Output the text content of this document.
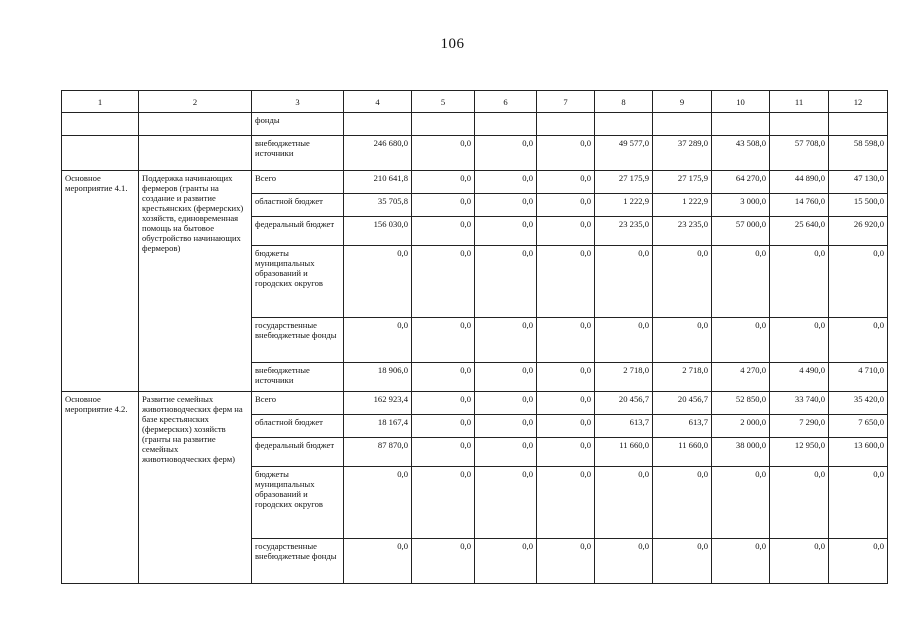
106
1	2	3	4	5	6	7	8	9	10	11	12
		фонды									
		внебюджетные источники	246 680,0	0,0	0,0	0,0	49 577,0	37 289,0	43 508,0	57 708,0	58 598,0
Основное мероприятие 4.1.	Поддержка начинающих фермеров (гранты на создание и развитие крестьянских (фермерских) хозяйств, единовременная помощь на бытовое обустройство начинающих фермеров)	Всего	210 641,8	0,0	0,0	0,0	27 175,9	27 175,9	64 270,0	44 890,0	47 130,0
		областной бюджет	35 705,8	0,0	0,0	0,0	1 222,9	1 222,9	3 000,0	14 760,0	15 500,0
		федеральный бюджет	156 030,0	0,0	0,0	0,0	23 235,0	23 235,0	57 000,0	25 640,0	26 920,0
		бюджеты муниципальных образований и городских округов	0,0	0,0	0,0	0,0	0,0	0,0	0,0	0,0	0,0
		государственные внебюджетные фонды	0,0	0,0	0,0	0,0	0,0	0,0	0,0	0,0	0,0
		внебюджетные источники	18 906,0	0,0	0,0	0,0	2 718,0	2 718,0	4 270,0	4 490,0	4 710,0
Основное мероприятие 4.2.	Развитие семейных животноводческих ферм на базе крестьянских (фермерских) хозяйств (гранты на развитие семейных животноводческих ферм)	Всего	162 923,4	0,0	0,0	0,0	20 456,7	20 456,7	52 850,0	33 740,0	35 420,0
		областной бюджет	18 167,4	0,0	0,0	0,0	613,7	613,7	2 000,0	7 290,0	7 650,0
		федеральный бюджет	87 870,0	0,0	0,0	0,0	11 660,0	11 660,0	38 000,0	12 950,0	13 600,0
		бюджеты муниципальных образований и городских округов	0,0	0,0	0,0	0,0	0,0	0,0	0,0	0,0	0,0
		государственные внебюджетные фонды	0,0	0,0	0,0	0,0	0,0	0,0	0,0	0,0	0,0
